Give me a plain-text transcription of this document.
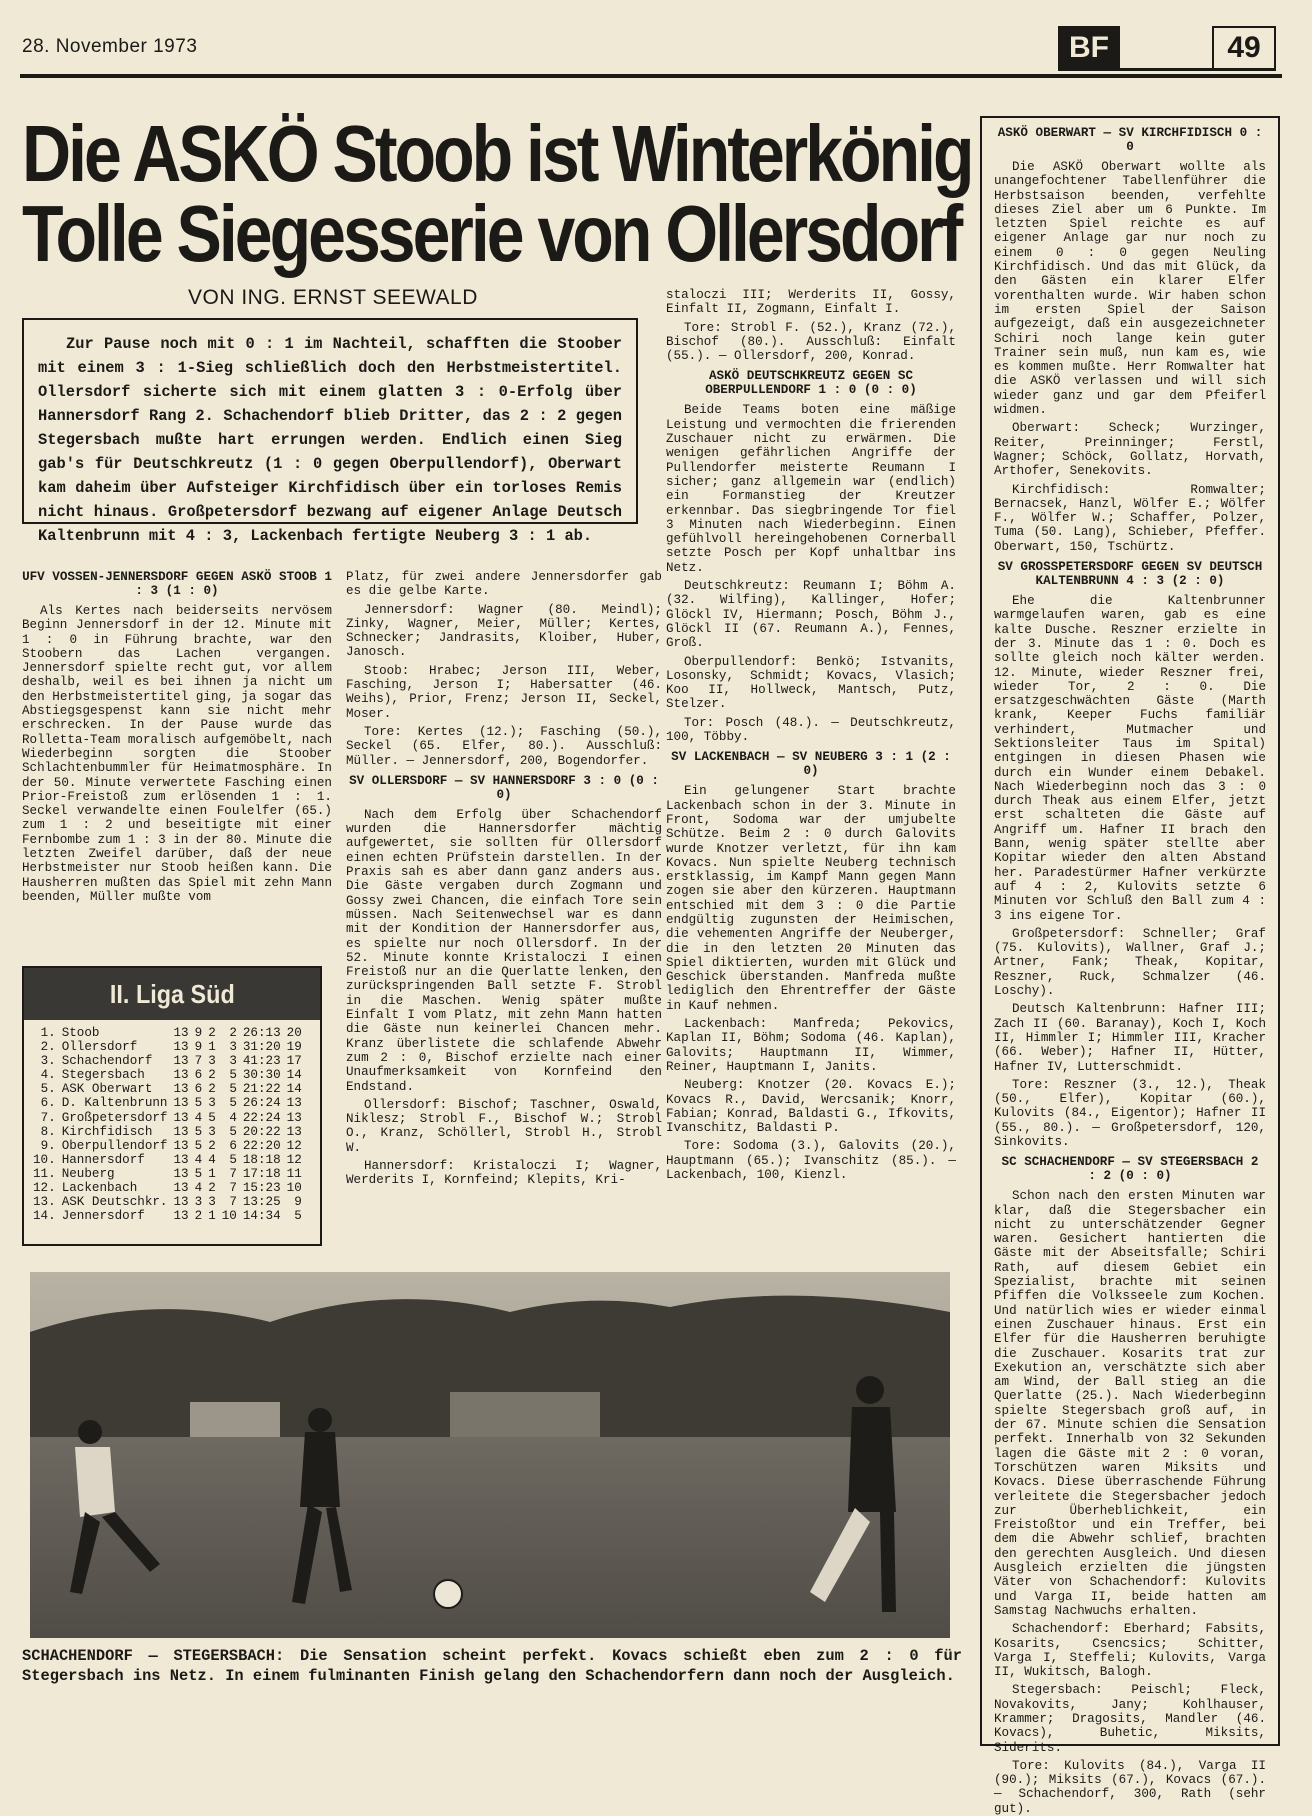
28. November 1973	BF	49
Die ASKÖ Stoob ist Winterkönig
Tolle Siegesserie von Ollersdorf
VON ING. ERNST SEEWALD
Zur Pause noch mit 0 : 1 im Nachteil, schafften die Stoober mit einem 3 : 1-Sieg schließlich doch den Herbstmeistertitel. Ollersdorf sicherte sich mit einem glatten 3 : 0-Erfolg über Hannersdorf Rang 2. Schachendorf blieb Dritter, das 2 : 2 gegen Stegersbach mußte hart errungen werden. Endlich einen Sieg gab's für Deutschkreutz (1 : 0 gegen Oberpullendorf), Oberwart kam daheim über Aufsteiger Kirchfidisch über ein torloses Remis nicht hinaus. Großpetersdorf bezwang auf eigener Anlage Deutsch Kaltenbrunn mit 4 : 3, Lackenbach fertigte Neuberg 3 : 1 ab.
UFV VOSSEN-JENNERSDORF GEGEN ASKÖ STOOB 1 : 3 (1 : 0)

Als Kertes nach beiderseits nervösem Beginn Jennersdorf in der 12. Minute mit 1 : 0 in Führung brachte, war den Stoobern das Lachen vergangen. Jennersdorf spielte recht gut, vor allem deshalb, weil es bei ihnen ja nicht um den Herbstmeistertitel ging, ja sogar das Abstiegsgespenst kann sie nicht mehr erschrecken. In der Pause wurde das Rolletta-Team moralisch aufgemöbelt, nach Wiederbeginn sorgten die Stoober Schlachtenbummler für Heimatmosphäre. In der 50. Minute verwertete Fasching einen Prior-Freistoß zum erlösenden 1 : 1. Seckel verwandelte einen Foulelfer (65.) zum 1 : 2 und beseitigte mit einer Fernbombe zum 1 : 3 in der 80. Minute die letzten Zweifel darüber, daß der neue Herbstmeister nur Stoob heißen kann. Die Hausherren mußten das Spiel mit zehn Mann beenden, Müller mußte vom

II. Liga Süd
1.	Stoob	13	9	2	2	26:13	20
2.	Ollersdorf	13	9	1	3	31:20	19
3.	Schachendorf	13	7	3	3	41:23	17
4.	Stegersbach	13	6	2	5	30:30	14
5.	ASK Oberwart	13	6	2	5	21:22	14
6.	D. Kaltenbrunn	13	5	3	5	26:24	13
7.	Großpetersdorf	13	4	5	4	22:24	13
8.	Kirchfidisch	13	5	3	5	20:22	13
9.	Oberpullendorf	13	5	2	6	22:20	12
10.	Hannersdorf	13	4	4	5	18:18	12
11.	Neuberg	13	5	1	7	17:18	11
12.	Lackenbach	13	4	2	7	15:23	10
13.	ASK Deutschkr.	13	3	3	7	13:25	9
14.	Jennersdorf	13	2	1	10	14:34	5

Platz, für zwei andere Jennersdorfer gab es die gelbe Karte.

Jennersdorf: Wagner (80. Meindl); Zinky, Wagner, Meier, Müller; Kertes, Schnecker; Jandrasits, Kloiber, Huber, Janosch.

Stoob: Hrabec; Jerson III, Weber, Fasching, Jerson I; Habersatter (46. Weihs), Prior, Frenz; Jerson II, Seckel, Moser.

Tore: Kertes (12.); Fasching (50.), Seckel (65. Elfer, 80.). Ausschluß: Müller. — Jennersdorf, 200, Bogendorfer.

SV OLLERSDORF — SV HANNERSDORF 3 : 0 (0 : 0)

Nach dem Erfolg über Schachendorf wurden die Hannersdorfer mächtig aufgewertet, sie sollten für Ollersdorf einen echten Prüfstein darstellen. In der Praxis sah es aber dann ganz anders aus. Die Gäste vergaben durch Zogmann und Gossy zwei Chancen, die einfach Tore sein müssen. Nach Seitenwechsel war es dann mit der Kondition der Hannersdorfer aus, es spielte nur noch Ollersdorf. In der 52. Minute konnte Kristaloczi I einen Freistoß nur an die Querlatte lenken, den zurückspringenden Ball setzte F. Strobl in die Maschen. Wenig später mußte Einfalt I vom Platz, mit zehn Mann hatten die Gäste nun keinerlei Chancen mehr. Kranz überlistete die schlafende Abwehr zum 2 : 0, Bischof erzielte nach einer Unaufmerksamkeit von Kornfeind den Endstand.

Ollersdorf: Bischof; Taschner, Oswald, Niklesz; Strobl F., Bischof W.; Strobl O., Kranz, Schöllerl, Strobl H., Strobl W.

Hannersdorf: Kristaloczi I; Wagner, Werderits I, Kornfeind; Klepits, Kri-

staloczi III; Werderits II, Gossy, Einfalt II, Zogmann, Einfalt I.

Tore: Strobl F. (52.), Kranz (72.), Bischof (80.). Ausschluß: Einfalt (55.). — Ollersdorf, 200, Konrad.

ASKÖ DEUTSCHKREUTZ GEGEN SC OBERPULLENDORF 1 : 0 (0 : 0)

Beide Teams boten eine mäßige Leistung und vermochten die frierenden Zuschauer nicht zu erwärmen. Die wenigen gefährlichen Angriffe der Pullendorfer meisterte Reumann I sicher; ganz allgemein war (endlich) ein Formanstieg der Kreutzer erkennbar. Das siegbringende Tor fiel 3 Minuten nach Wiederbeginn. Einen gefühlvoll hereingehobenen Cornerball setzte Posch per Kopf unhaltbar ins Netz.

Deutschkreutz: Reumann I; Böhm A. (32. Wilfing), Kallinger, Hofer; Glöckl IV, Hiermann; Posch, Böhm J., Glöckl II (67. Reumann A.), Fennes, Groß.

Oberpullendorf: Benkö; Istvanits, Losonsky, Schmidt; Kovacs, Vlasich; Koo II, Hollweck, Mantsch, Putz, Stelzer.

Tor: Posch (48.). — Deutschkreutz, 100, Többy.

SV LACKENBACH — SV NEUBERG 3 : 1 (2 : 0)

Ein gelungener Start brachte Lackenbach schon in der 3. Minute in Front, Sodoma war der umjubelte Schütze. Beim 2 : 0 durch Galovits wurde Knotzer verletzt, für ihn kam Kovacs. Nun spielte Neuberg technisch erstklassig, im Kampf Mann gegen Mann zogen sie aber den kürzeren. Hauptmann entschied mit dem 3 : 0 die Partie endgültig zugunsten der Heimischen, die vehementen Angriffe der Neuberger, die in den letzten 20 Minuten das Spiel diktierten, wurden mit Glück und Geschick überstanden. Manfreda mußte lediglich den Ehrentreffer der Gäste in Kauf nehmen.

Lackenbach: Manfreda; Pekovics, Kaplan II, Böhm; Sodoma (46. Kaplan), Galovits; Hauptmann II, Wimmer, Reiner, Hauptmann I, Janits.

Neuberg: Knotzer (20. Kovacs E.); Kovacs R., David, Wercsanik; Knorr, Fabian; Konrad, Baldasti G., Ifkovits, Ivanschitz, Baldasti P.

Tore: Sodoma (3.), Galovits (20.), Hauptmann (65.); Ivanschitz (85.). — Lackenbach, 100, Kienzl.

ASKÖ OBERWART — SV KIRCHFIDISCH 0 : 0

Die ASKÖ Oberwart wollte als unangefochtener Tabellenführer die Herbstsaison beenden, verfehlte dieses Ziel aber um 6 Punkte. Im letzten Spiel reichte es auf eigener Anlage gar nur noch zu einem 0 : 0 gegen Neuling Kirchfidisch. Und das mit Glück, da den Gästen ein klarer Elfer vorenthalten wurde. Wir haben schon im ersten Spiel der Saison aufgezeigt, daß ein ausgezeichneter Schiri noch lange kein guter Trainer sein muß, nun kam es, wie es kommen mußte. Herr Romwalter hat die ASKÖ verlassen und will sich wieder ganz und gar dem Pfeiferl widmen.

Oberwart: Scheck; Wurzinger, Reiter, Preinninger; Ferstl, Wagner; Schöck, Gollatz, Horvath, Arthofer, Senekovits.

Kirchfidisch: Romwalter; Bernacsek, Hanzl, Wölfer E.; Wölfer F., Wölfer W.; Schaffer, Polzer, Tuma (50. Lang), Schieber, Pfeffer. Oberwart, 150, Tschürtz.

SV GROSSPETERSDORF GEGEN SV DEUTSCH KALTENBRUNN 4 : 3 (2 : 0)

Ehe die Kaltenbrunner warmgelaufen waren, gab es eine kalte Dusche. Reszner erzielte in der 3. Minute das 1 : 0. Doch es sollte gleich noch kälter werden. 12. Minute, wieder Reszner frei, wieder Tor, 2 : 0. Die ersatzgeschwächten Gäste (Marth krank, Keeper Fuchs familiär verhindert, Mutmacher und Sektionsleiter Taus im Spital) entgingen in diesen Phasen wie durch ein Wunder einem Debakel. Nach Wiederbeginn noch das 3 : 0 durch Theak aus einem Elfer, jetzt erst schalteten die Gäste auf Angriff um. Hafner II brach den Bann, wenig später stellte aber Kopitar wieder den alten Abstand her. Paradestürmer Hafner verkürzte auf 4 : 2, Kulovits setzte 6 Minuten vor Schluß den Ball zum 4 : 3 ins eigene Tor.

Großpetersdorf: Schneller; Graf (75. Kulovits), Wallner, Graf J.; Artner, Fank; Theak, Kopitar, Reszner, Ruck, Schmalzer (46. Loschy).

Deutsch Kaltenbrunn: Hafner III; Zach II (60. Baranay), Koch I, Koch II, Himmler I; Himmler III, Kracher (66. Weber); Hafner II, Hütter, Hafner IV, Lutterschmidt.

Tore: Reszner (3., 12.), Theak (50., Elfer), Kopitar (60.), Kulovits (84., Eigentor); Hafner II (55., 80.). — Großpetersdorf, 120, Sinkovits.

SC SCHACHENDORF — SV STEGERSBACH 2 : 2 (0 : 0)

Schon nach den ersten Minuten war klar, daß die Stegersbacher ein nicht zu unterschätzender Gegner waren. Gesichert hantierten die Gäste mit der Abseitsfalle; Schiri Rath, auf diesem Gebiet ein Spezialist, brachte mit seinen Pfiffen die Volksseele zum Kochen. Und natürlich wies er wieder einmal einen Zuschauer hinaus. Erst ein Elfer für die Hausherren beruhigte die Zuschauer. Kosarits trat zur Exekution an, verschätzte sich aber am Wind, der Ball stieg an die Querlatte (25.). Nach Wiederbeginn spielte Stegersbach groß auf, in der 67. Minute schien die Sensation perfekt. Innerhalb von 32 Sekunden lagen die Gäste mit 2 : 0 voran, Torschützen waren Miksits und Kovacs. Diese überraschende Führung verleitete die Stegersbacher jedoch zur Überheblichkeit, ein Freistoßtor und ein Treffer, bei dem die Abwehr schlief, brachten den gerechten Ausgleich. Und diesen Ausgleich erzielten die jüngsten Väter von Schachendorf: Kulovits und Varga II, beide hatten am Samstag Nachwuchs erhalten.

Schachendorf: Eberhard; Fabsits, Kosarits, Csencsics; Schitter, Varga I, Steffeli; Kulovits, Varga II, Wukitsch, Balogh.

Stegersbach: Peischl; Fleck, Novakovits, Jany; Kohlhauser, Krammer; Dragosits, Mandler (46. Kovacs), Buhetic, Miksits, Siderits.

Tore: Kulovits (84.), Varga II (90.); Miksits (67.), Kovacs (67.). — Schachendorf, 300, Rath (sehr gut).

SCHACHENDORF — STEGERSBACH: Die Sensation scheint perfekt. Kovacs schießt eben zum 2 : 0 für Stegersbach ins Netz. In einem fulminanten Finish gelang den Schachendorfern dann noch der Ausgleich.
